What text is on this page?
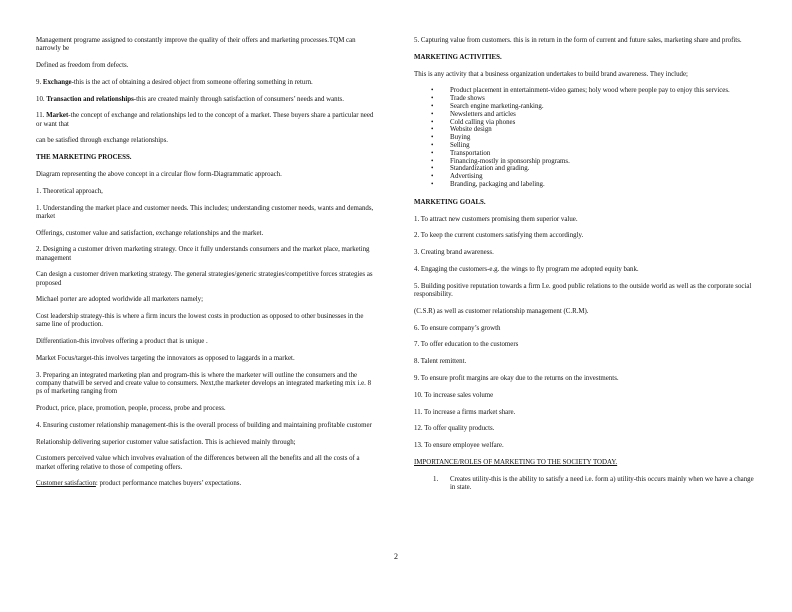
Management programe assigned to constantly improve the quality of their offers and marketing processes.TQM can narrowly be

Defined as freedom from defects.

9. Exchange-this is the act of obtaining a desired object from someone offering something in return.

10. Transaction and relationships-this are created mainly through satisfaction of consumers’ needs and wants.

11. Market-the concept of exchange and relationships led to the concept of a market. These buyers share a particular need or want that

can be satisfied through exchange relationships.

THE MARKETING PROCESS.

Diagram representing the above concept in a circular flow form-Diagrammatic approach.

1. Theoretical approach,

1. Understanding the market place and customer needs. This includes; understanding customer needs, wants and demands, market

Offerings, customer value and satisfaction, exchange relationships and the market.

2. Designing a customer driven marketing strategy. Once it fully understands consumers and the market place, marketing management

Can design a customer driven marketing strategy. The general strategies/generic strategies/competitive forces strategies as proposed

Michael porter are adopted worldwide all marketers namely;

Cost leadership strategy-this is where a firm incurs the lowest costs in production as opposed to other businesses in the same line of production.

Differentiation-this involves offering a product that is unique .

Market Focus/target-this involves targeting the innovators as opposed to laggards in a market.

3. Preparing an integrated marketing plan and program-this is where the marketer will outline the consumers and the company thatwill be served and create value to consumers. Next,the marketer develops an integrated marketing mix i.e. 8 ps of marketing ranging from

Product, price, place, promotion, people, process, probe and process.

4. Ensuring customer relationship management-this is the overall process of building and maintaining profitable customer

Relationship delivering superior customer value satisfaction. This is achieved mainly through;

Customers perceived value which involves evaluation of the differences between all the benefits and all the costs of a market offering relative to those of competing offers.

Customer satisfaction: product performance matches buyers’ expectations.

5. Capturing value from customers. this is in return in the form of current and future sales, marketing share and profits.

MARKETING ACTIVITIES.

This is any activity that a business organization undertakes to build brand awareness. They include;

• Product placement in entertainment-video games; holy wood where people pay to enjoy this services.
• Trade shows
• Search engine marketing-ranking.
• Newsletters and articles
• Cold calling via phones
• Website design
• Buying
• Selling
• Transportation
• Financing-mostly in sponsorship programs.
• Standardization and grading.
• Advertising
• Branding, packaging and labeling.

MARKETING GOALS.

1. To attract new customers promising them superior value.

2. To keep the current customers satisfying them accordingly.

3. Creating brand awareness.

4. Engaging the customers-e.g. the wings to fly program me adopted equity bank.

5. Building positive reputation towards a firm I.e. good public relations to the outside world as well as the corporate social responsibility.

(C.S.R) as well as customer relationship management (C.R.M).

6. To ensure company’s growth

7. To offer education to the customers

8. Talent remittent.

9. To ensure profit margins are okay due to the returns on the investments.

10. To increase sales volume

11. To increase a firms market share.

12. To offer quality products.

13. To ensure employee welfare.

IMPORTANCE/ROLES OF MARKETING TO THE SOCIETY TODAY.

1. Creates utility-this is the ability to satisfy a need i.e. form a) utility-this occurs mainly when we have a change in state.
2
